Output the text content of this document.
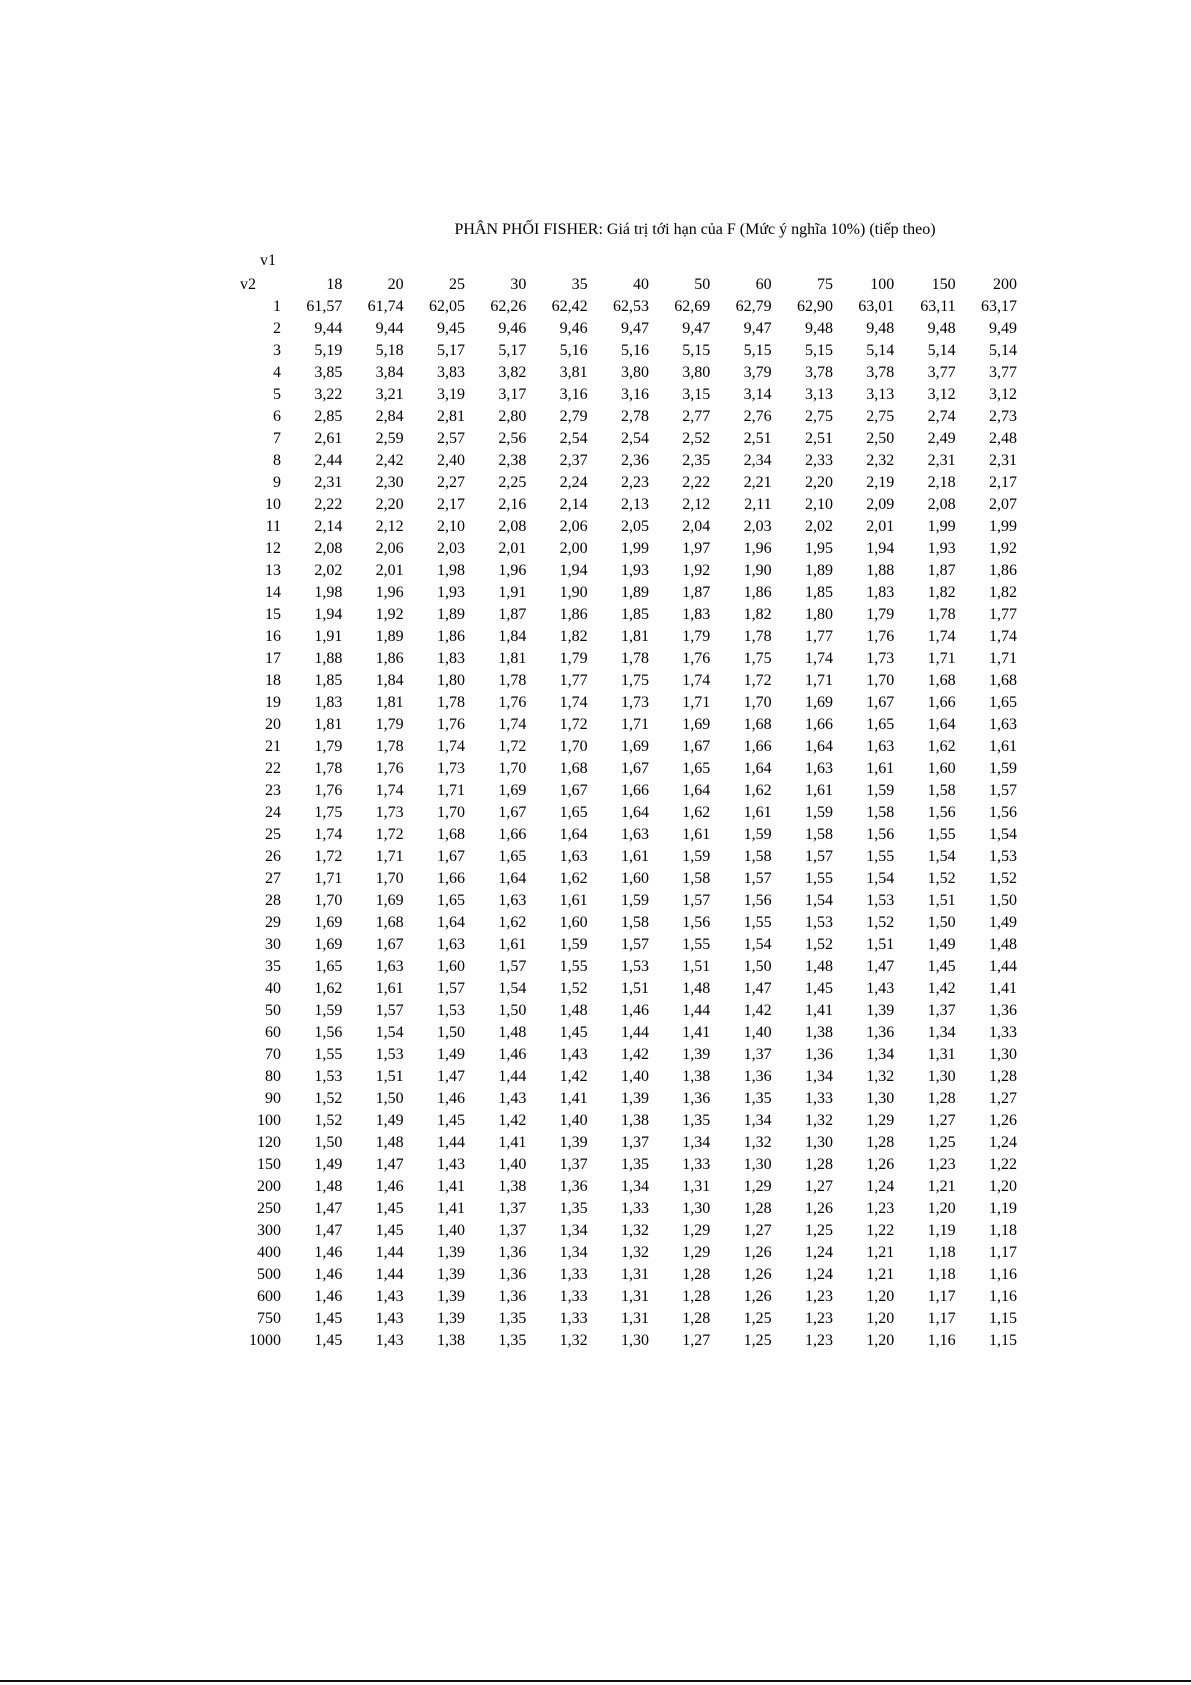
PHÂN PHỐI FISHER: Giá trị tới hạn của F (Mức ý nghĩa 10%) (tiếp theo)
v1
v2	18	20	25	30	35	40	50	60	75	100	150	200
1	61,57	61,74	62,05	62,26	62,42	62,53	62,69	62,79	62,90	63,01	63,11	63,17
2	9,44	9,44	9,45	9,46	9,46	9,47	9,47	9,47	9,48	9,48	9,48	9,49
3	5,19	5,18	5,17	5,17	5,16	5,16	5,15	5,15	5,15	5,14	5,14	5,14
4	3,85	3,84	3,83	3,82	3,81	3,80	3,80	3,79	3,78	3,78	3,77	3,77
5	3,22	3,21	3,19	3,17	3,16	3,16	3,15	3,14	3,13	3,13	3,12	3,12
6	2,85	2,84	2,81	2,80	2,79	2,78	2,77	2,76	2,75	2,75	2,74	2,73
7	2,61	2,59	2,57	2,56	2,54	2,54	2,52	2,51	2,51	2,50	2,49	2,48
8	2,44	2,42	2,40	2,38	2,37	2,36	2,35	2,34	2,33	2,32	2,31	2,31
9	2,31	2,30	2,27	2,25	2,24	2,23	2,22	2,21	2,20	2,19	2,18	2,17
10	2,22	2,20	2,17	2,16	2,14	2,13	2,12	2,11	2,10	2,09	2,08	2,07
11	2,14	2,12	2,10	2,08	2,06	2,05	2,04	2,03	2,02	2,01	1,99	1,99
12	2,08	2,06	2,03	2,01	2,00	1,99	1,97	1,96	1,95	1,94	1,93	1,92
13	2,02	2,01	1,98	1,96	1,94	1,93	1,92	1,90	1,89	1,88	1,87	1,86
14	1,98	1,96	1,93	1,91	1,90	1,89	1,87	1,86	1,85	1,83	1,82	1,82
15	1,94	1,92	1,89	1,87	1,86	1,85	1,83	1,82	1,80	1,79	1,78	1,77
16	1,91	1,89	1,86	1,84	1,82	1,81	1,79	1,78	1,77	1,76	1,74	1,74
17	1,88	1,86	1,83	1,81	1,79	1,78	1,76	1,75	1,74	1,73	1,71	1,71
18	1,85	1,84	1,80	1,78	1,77	1,75	1,74	1,72	1,71	1,70	1,68	1,68
19	1,83	1,81	1,78	1,76	1,74	1,73	1,71	1,70	1,69	1,67	1,66	1,65
20	1,81	1,79	1,76	1,74	1,72	1,71	1,69	1,68	1,66	1,65	1,64	1,63
21	1,79	1,78	1,74	1,72	1,70	1,69	1,67	1,66	1,64	1,63	1,62	1,61
22	1,78	1,76	1,73	1,70	1,68	1,67	1,65	1,64	1,63	1,61	1,60	1,59
23	1,76	1,74	1,71	1,69	1,67	1,66	1,64	1,62	1,61	1,59	1,58	1,57
24	1,75	1,73	1,70	1,67	1,65	1,64	1,62	1,61	1,59	1,58	1,56	1,56
25	1,74	1,72	1,68	1,66	1,64	1,63	1,61	1,59	1,58	1,56	1,55	1,54
26	1,72	1,71	1,67	1,65	1,63	1,61	1,59	1,58	1,57	1,55	1,54	1,53
27	1,71	1,70	1,66	1,64	1,62	1,60	1,58	1,57	1,55	1,54	1,52	1,52
28	1,70	1,69	1,65	1,63	1,61	1,59	1,57	1,56	1,54	1,53	1,51	1,50
29	1,69	1,68	1,64	1,62	1,60	1,58	1,56	1,55	1,53	1,52	1,50	1,49
30	1,69	1,67	1,63	1,61	1,59	1,57	1,55	1,54	1,52	1,51	1,49	1,48
35	1,65	1,63	1,60	1,57	1,55	1,53	1,51	1,50	1,48	1,47	1,45	1,44
40	1,62	1,61	1,57	1,54	1,52	1,51	1,48	1,47	1,45	1,43	1,42	1,41
50	1,59	1,57	1,53	1,50	1,48	1,46	1,44	1,42	1,41	1,39	1,37	1,36
60	1,56	1,54	1,50	1,48	1,45	1,44	1,41	1,40	1,38	1,36	1,34	1,33
70	1,55	1,53	1,49	1,46	1,43	1,42	1,39	1,37	1,36	1,34	1,31	1,30
80	1,53	1,51	1,47	1,44	1,42	1,40	1,38	1,36	1,34	1,32	1,30	1,28
90	1,52	1,50	1,46	1,43	1,41	1,39	1,36	1,35	1,33	1,30	1,28	1,27
100	1,52	1,49	1,45	1,42	1,40	1,38	1,35	1,34	1,32	1,29	1,27	1,26
120	1,50	1,48	1,44	1,41	1,39	1,37	1,34	1,32	1,30	1,28	1,25	1,24
150	1,49	1,47	1,43	1,40	1,37	1,35	1,33	1,30	1,28	1,26	1,23	1,22
200	1,48	1,46	1,41	1,38	1,36	1,34	1,31	1,29	1,27	1,24	1,21	1,20
250	1,47	1,45	1,41	1,37	1,35	1,33	1,30	1,28	1,26	1,23	1,20	1,19
300	1,47	1,45	1,40	1,37	1,34	1,32	1,29	1,27	1,25	1,22	1,19	1,18
400	1,46	1,44	1,39	1,36	1,34	1,32	1,29	1,26	1,24	1,21	1,18	1,17
500	1,46	1,44	1,39	1,36	1,33	1,31	1,28	1,26	1,24	1,21	1,18	1,16
600	1,46	1,43	1,39	1,36	1,33	1,31	1,28	1,26	1,23	1,20	1,17	1,16
750	1,45	1,43	1,39	1,35	1,33	1,31	1,28	1,25	1,23	1,20	1,17	1,15
1000	1,45	1,43	1,38	1,35	1,32	1,30	1,27	1,25	1,23	1,20	1,16	1,15
